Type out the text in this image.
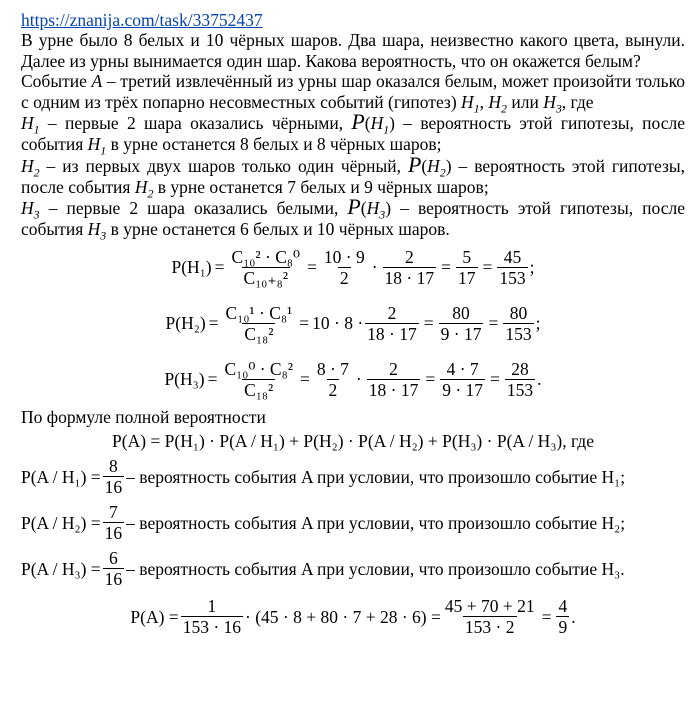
https://znanija.com/task/33752437

В урне было 8 белых и 10 чёрных шаров. Два шара, неизвестно какого цвета, вынули. Далее из урны вынимается один шар. Какова вероятность, что он окажется белым?

Событие A – третий извлечённый из урны шар оказался белым, может произойти только с одним из трёх попарно несовместных событий (гипотез) $H_1$, $H_2$ или $H_3$, где

$H_1$ – первые 2 шара оказались чёрными, $P(H_1)$ – вероятность этой гипотезы, после события $H_1$ в урне останется 8 белых и 8 чёрных шаров;

$H_2$ – из первых двух шаров только один чёрный, $P(H_2)$ – вероятность этой гипотезы, после события $H_2$ в урне останется 7 белых и 9 чёрных шаров;

$H_3$ – первые 2 шара оказались белыми, $P(H_3)$ – вероятность этой гипотезы, после события $H_3$ в урне останется 6 белых и 10 чёрных шаров.

$P(H_1) = \frac{\text{C₁₀² · C₈⁰}}{\text{C₁₀₊₈²}} = \frac{10 \cdot 9}{2} \cdot \frac{2}{18 \cdot 17} = \frac{5}{17} = \frac{45}{153}$ ;
$P(H_2) = \frac{\text{C₁₀¹ · C₈¹}}{\text{C₁₈²}} = 10 \cdot 8 \cdot \frac{2}{18 \cdot 17} = \frac{80}{9 \cdot 17} = \frac{80}{153}$ ;
$P(H_3) = \frac{\text{C₁₀⁰ · C₈²}}{\text{C₁₈²}} = \frac{8 \cdot 7}{2} \cdot \frac{2}{18 \cdot 17} = \frac{4 \cdot 7}{9 \cdot 17} = \frac{28}{153}$ .

По формуле полной вероятности

P(A) = P(H₁) · P(A / H₁) + P(H₂) · P(A / H₂) + P(H₃) · P(A / H₃), где
$P(A / H_1) = \frac{8}{16}$ – вероятность события A при условии, что произошло событие H₁;
$P(A / H_2) = \frac{7}{16}$ – вероятность события A при условии, что произошло событие H₂;
$P(A / H_3) = \frac{6}{16}$ – вероятность события A при условии, что произошло событие H₃.
$P(A) = \frac{1}{153 \cdot 16} \cdot (45 \cdot 8 + 80 \cdot 7 + 28 \cdot 6) = \frac{45 + 70 + 21}{153 \cdot 2} = \frac{4}{9}$ .
